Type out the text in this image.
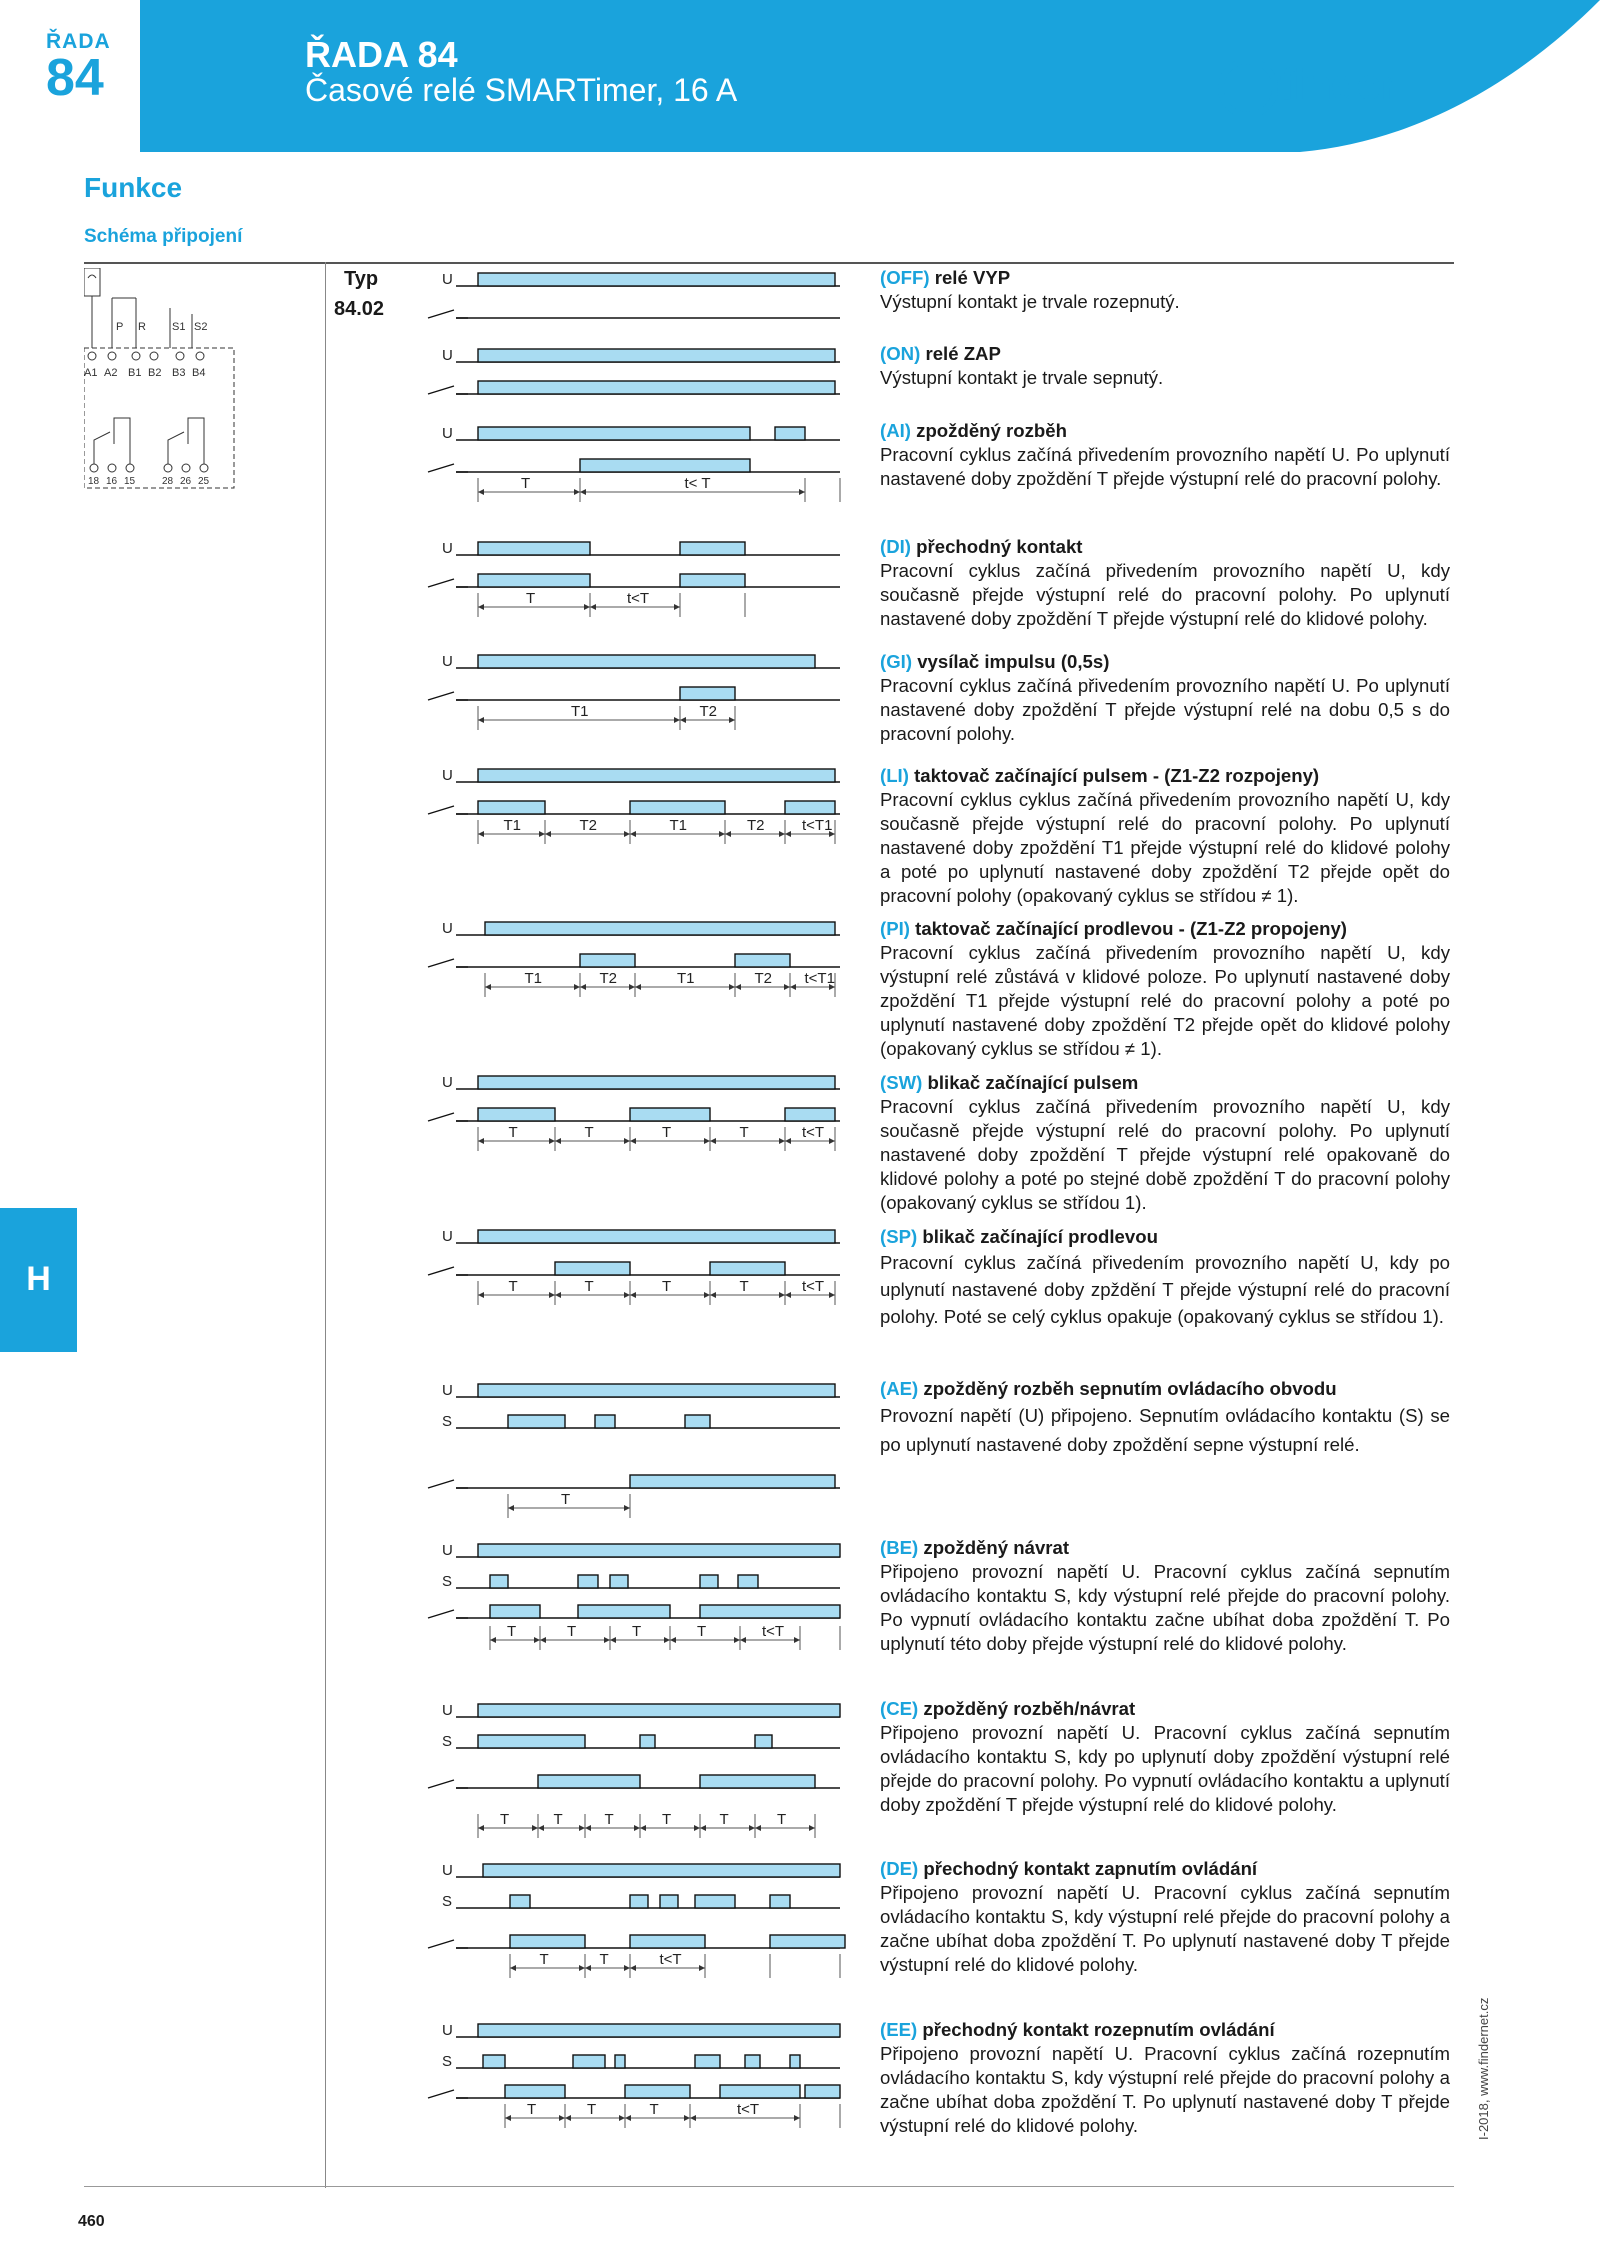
ŘADA 84
Časové relé SMARTimer, 16 A
ŘADA
84	finder
H
Funkce
Schéma připojení
Typ
84.02
P R S1 S2
A1 A2 B1 B2 B3 B4
18 16 15	28 26 25
U
U
U
T	t< T
U
T	t<T
U
T1	T2
U
T1	T2	T1	T2 t<T1
U
T1	T2	T1	T2 t<T1
U
T	T	T	T	t<T
U
T	T	T	T	t<T
U
S
T
U
S
T	T	T	T	t<T
U
S
T	T	T	T	T	T
U
S
T	T	t<T
U
S
T	T	T	t<T
(OFF) relé VYP

Výstupní kontakt je trvale rozepnutý.

(ON) relé ZAP

Výstupní kontakt je trvale sepnutý.

(AI) zpožděný rozběh

Pracovní cyklus začíná přivedením provozního napětí U. Po uplynutí nastavené doby zpoždění T přejde výstupní relé do pracovní polohy.

(DI) přechodný kontakt

Pracovní cyklus začíná přivedením provozního napětí U, kdy současně přejde výstupní relé do pracovní polohy. Po uplynutí nastavené doby zpoždění T přejde výstupní relé do klidové polohy.

(GI) vysílač impulsu (0,5s)

Pracovní cyklus začíná přivedením provozního napětí U. Po uplynutí nastavené doby zpoždění T přejde výstupní relé na dobu 0,5 s do pracovní polohy.

(LI) taktovač začínající pulsem - (Z1-Z2 rozpojeny)

Pracovní cyklus cyklus začíná přivedením provozního napětí U, kdy současně přejde výstupní relé do pracovní polohy. Po uplynutí nastavené doby zpoždění T1 přejde výstupní relé do klidové polohy a poté po uplynutí nastavené doby zpoždění T2 přejde opět do pracovní polohy (opakovaný cyklus se střídou ≠ 1).

(PI) taktovač začínající prodlevou - (Z1-Z2 propojeny)

Pracovní cyklus začíná přivedením provozního napětí U, kdy výstupní relé zůstává v klidové poloze. Po uplynutí nastavené doby zpoždění T1 přejde výstupní relé do pracovní polohy a poté po uplynutí nastavené doby zpoždění T2 přejde opět do klidové polohy (opakovaný cyklus se střídou ≠ 1).

(SW) blikač začínající pulsem

Pracovní cyklus začíná přivedením provozního napětí U, kdy současně přejde výstupní relé do pracovní polohy. Po uplynutí nastavené doby zpoždění T přejde výstupní relé opakovaně do klidové polohy a poté po stejné době zpoždění T do pracovní polohy (opakovaný cyklus se střídou 1).

(SP) blikač začínající prodlevou

Pracovní cyklus začíná přivedením provozního napětí U, kdy po uplynutí nastavené doby zpždění T přejde výstupní relé do pracovní polohy. Poté se celý cyklus opakuje (opakovaný cyklus se střídou 1).

(AE) zpožděný rozběh sepnutím ovládacího obvodu

Provozní napětí (U) připojeno. Sepnutím ovládacího kontaktu (S) se po uplynutí nastavené doby zpoždění sepne výstupní relé.

(BE) zpožděný návrat

Připojeno provozní napětí U. Pracovní cyklus začíná sepnutím ovládacího kontaktu S, kdy výstupní relé přejde do pracovní polohy. Po vypnutí ovládacího kontaktu začne ubíhat doba zpoždění T. Po uplynutí této doby přejde výstupní relé do klidové polohy.

(CE) zpožděný rozběh/návrat

Připojeno provozní napětí U. Pracovní cyklus začíná sepnutím ovládacího kontaktu S, kdy po uplynutí doby zpoždění výstupní relé přejde do pracovní polohy. Po vypnutí ovládacího kontaktu a uplynutí doby zpoždění T přejde výstupní relé do klidové polohy.

(DE) přechodný kontakt zapnutím ovládání

Připojeno provozní napětí U. Pracovní cyklus začíná sepnutím ovládacího kontaktu S, kdy výstupní relé přejde do pracovní polohy a začne ubíhat doba zpoždění T. Po uplynutí nastavené doby T přejde výstupní relé do klidové polohy.

(EE) přechodný kontakt rozepnutím ovládání

Připojeno provozní napětí U. Pracovní cyklus začíná rozepnutím ovládacího kontaktu S, kdy výstupní relé přejde do pracovní polohy a začne ubíhat doba zpoždění T. Po uplynutí nastavené doby T přejde výstupní relé do klidové polohy.

460
I-2018, www.findernet.cz
